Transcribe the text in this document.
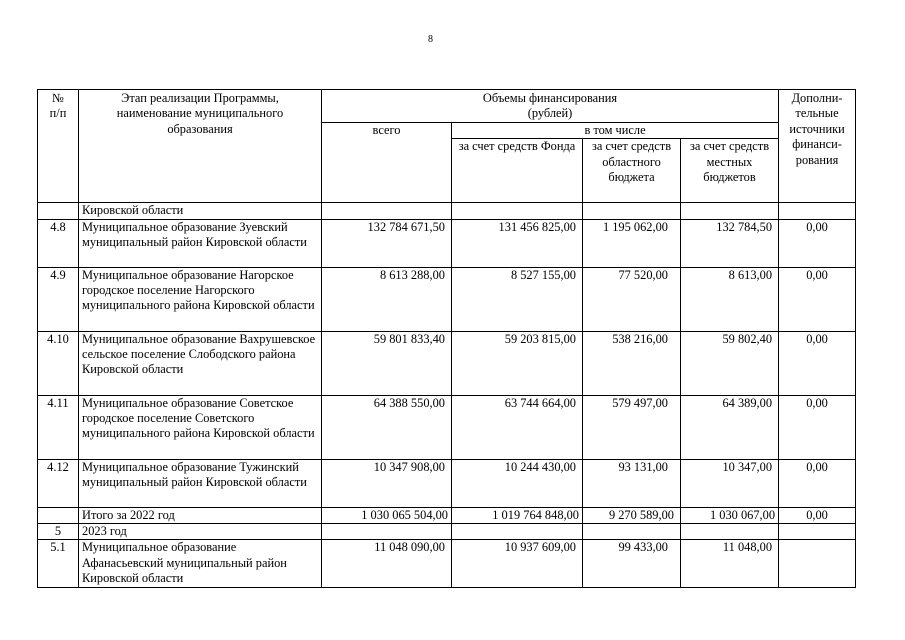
8
№
п/п	Этап реализации Программы, наименование муниципального образования	Объемы финансирования
(рублей)				Дополни-тельные источники финанси-рования
		всего	в том числе			
			за счет средств Фонда	за счет средств областного бюджета	за счет средств местных бюджетов	
	Кировской области					
4.8	Муниципальное образование Зуевский муниципальный район Кировской области	132 784 671,50	131 456 825,00	1 195 062,00	132 784,50	0,00
4.9	Муниципальное образование Нагорское городское поселение Нагорского муниципального района Кировской области	8 613 288,00	8 527 155,00	77 520,00	8 613,00	0,00
4.10	Муниципальное образование Вахрушевское сельское поселение Слободского района Кировской области	59 801 833,40	59 203 815,00	538 216,00	59 802,40	0,00
4.11	Муниципальное образование Советское городское поселение Советского муниципального района Кировской области	64 388 550,00	63 744 664,00	579 497,00	64 389,00	0,00
4.12	Муниципальное образование Тужинский муниципальный район Кировской области	10 347 908,00	10 244 430,00	93 131,00	10 347,00	0,00
	Итого за 2022 год	1 030 065 504,00	1 019 764 848,00	9 270 589,00	1 030 067,00	0,00
5	2023 год					
5.1	Муниципальное образование Афанасьевский муниципальный район Кировской области	11 048 090,00	10 937 609,00	99 433,00	11 048,00	
